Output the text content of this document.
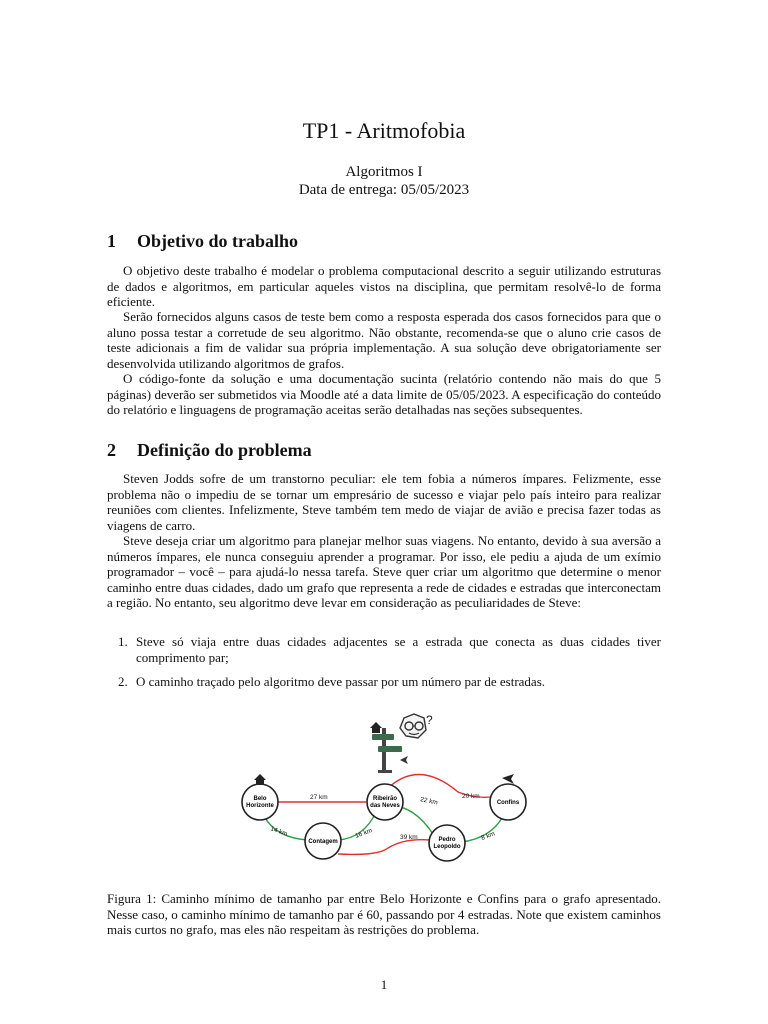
TP1 - Aritmofobia
Algoritmos I
Data de entrega: 05/05/2023
1 Objetivo do trabalho

O objetivo deste trabalho é modelar o problema computacional descrito a seguir utilizando estruturas de dados e algoritmos, em particular aqueles vistos na disciplina, que permitam resolvê-lo de forma eficiente.

Serão fornecidos alguns casos de teste bem como a resposta esperada dos casos fornecidos para que o aluno possa testar a corretude de seu algoritmo. Não obstante, recomenda-se que o aluno crie casos de teste adicionais a fim de validar sua própria implementação. A sua solução deve obrigatoriamente ser desenvolvida utilizando algoritmos de grafos.

O código-fonte da solução e uma documentação sucinta (relatório contendo não mais do que 5 páginas) deverão ser submetidos via Moodle até a data limite de 05/05/2023. A especificação do conteúdo do relatório e linguagens de programação aceitas serão detalhadas nas seções subsequentes.

2 Definição do problema

Steven Jodds sofre de um transtorno peculiar: ele tem fobia a números ímpares. Felizmente, esse problema não o impediu de se tornar um empresário de sucesso e viajar pelo país inteiro para realizar reuniões com clientes. Infelizmente, Steve também tem medo de viajar de avião e precisa fazer todas as viagens de carro.

Steve deseja criar um algoritmo para planejar melhor suas viagens. No entanto, devido à sua aversão a números ímpares, ele nunca conseguiu aprender a programar. Por isso, ele pediu a ajuda de um exímio programador – você – para ajudá-lo nessa tarefa. Steve quer criar um algoritmo que determine o menor caminho entre duas cidades, dado um grafo que representa a rede de cidades e estradas que interconectam a região. No entanto, seu algoritmo deve levar em consideração as peculiaridades de Steve:

1. Steve só viaja entre duas cidades adjacentes se a estrada que conecta as duas cidades tiver comprimento par;
2. O caminho traçado pelo algoritmo deve passar por um número par de estradas.
?
27 km	22 km	20 km
14 km	16 km	39 km	8 km
Belo
Horizonte
Ribeirão
das Neves	Confins
Contagem	Pedro
Leopoldo

Figura 1: Caminho mínimo de tamanho par entre Belo Horizonte e Confins para o grafo apresentado. Nesse caso, o caminho mínimo de tamanho par é 60, passando por 4 estradas. Note que existem caminhos mais curtos no grafo, mas eles não respeitam às restrições do problema.

1
